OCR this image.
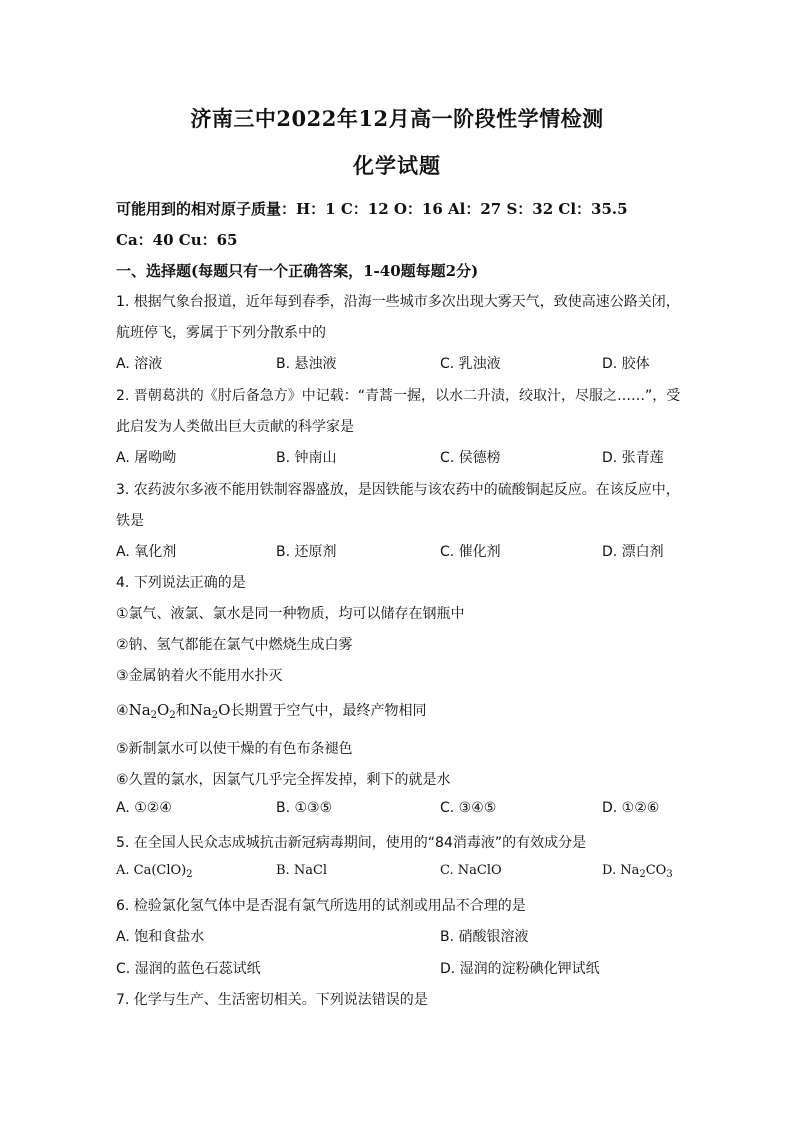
济南三中2022年12月高一阶段性学情检测
化学试题
可能用到的相对原子质量：H：1 C：12 O：16 Al：27 S：32 Cl：35.5
Ca：40 Cu：65
一、选择题(每题只有一个正确答案，1-40题每题2分)
1. 根据气象台报道，近年每到春季，沿海一些城市多次出现大雾天气，致使高速公路关闭，
航班停飞，雾属于下列分散系中的
A. 溶液	B. 悬浊液	C. 乳浊液	D. 胶体
2. 晋朝葛洪的《肘后备急方》中记载：“青蒿一握，以水二升渍，绞取汁，尽服之……”，受
此启发为人类做出巨大贡献的科学家是
A. 屠呦呦	B. 钟南山	C. 侯德榜	D. 张青莲
3. 农药波尔多液不能用铁制容器盛放，是因铁能与该农药中的硫酸铜起反应。在该反应中，
铁是
A. 氧化剂	B. 还原剂	C. 催化剂	D. 漂白剂
4. 下列说法正确的是
①氯气、液氯、氯水是同一种物质，均可以储存在钢瓶中
②钠、氢气都能在氯气中燃烧生成白雾
③金属钠着火不能用水扑灭
$④Na_2O_2$和$Na_2O$长期置于空气中，最终产物相同
⑤新制氯水可以使干燥的有色布条褪色
⑥久置的氯水，因氯气几乎完全挥发掉，剩下的就是水
A. ①②④	B. ①③⑤	C. ③④⑤	D. ①②⑥
5. 在全国人民众志成城抗击新冠病毒期间，使用的“84消毒液”的有效成分是
A. $Ca(ClO)_2$	B. NaCl	C. NaClO	D. $Na_2CO_3$
6. 检验氯化氢气体中是否混有氯气所选用的试剂或用品不合理的是
A. 饱和食盐水	B. 硝酸银溶液
C. 湿润的蓝色石蕊试纸	D. 湿润的淀粉碘化钾试纸
7. 化学与生产、生活密切相关。下列说法错误的是
